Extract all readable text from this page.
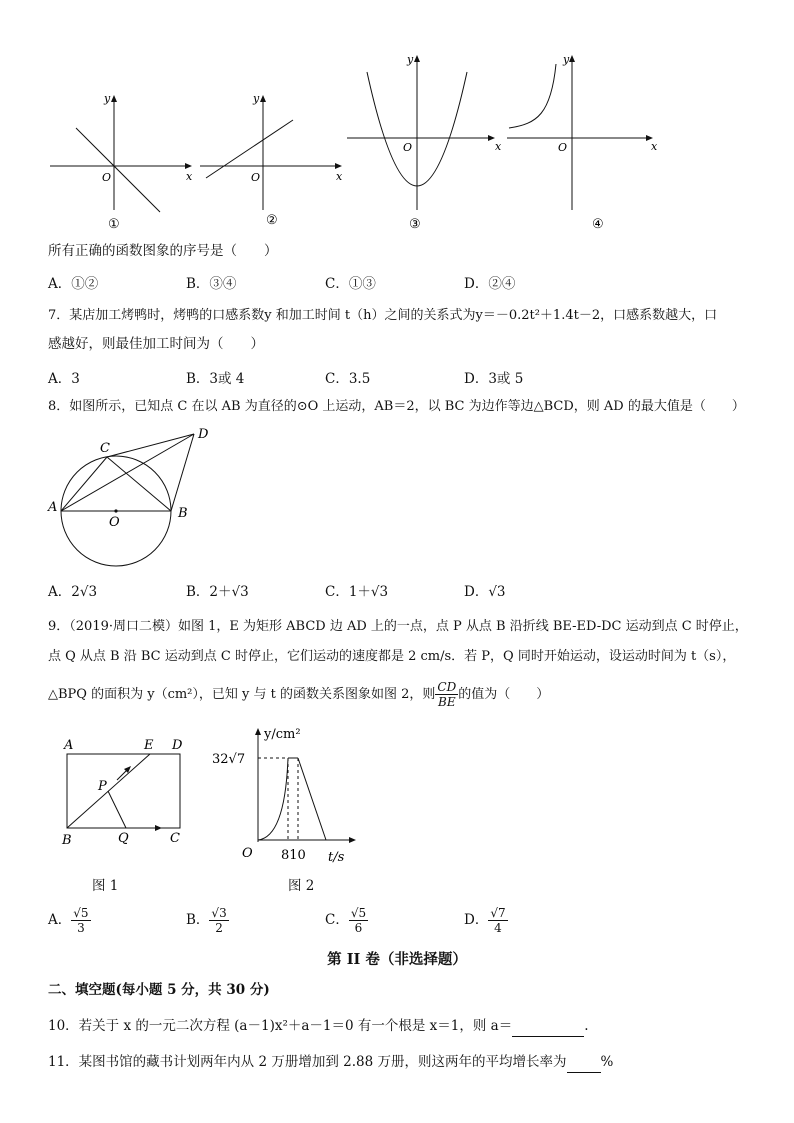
y
x
O
①
y
x
O
②
y
x
O
③
y
x
O
④
所有正确的函数图象的序号是（　　）
A．①②	B．③④	C．①③	D．②④
7．某店加工烤鸭时，烤鸭的口感系数y 和加工时间 t（h）之间的关系式为y＝－0.2t²＋1.4t－2，口感系数越大，口
感越好，则最佳加工时间为（　　）
A．3	B．3或 4	C．3.5	D．3或 5
8．如图所示，已知点 C 在以 AB 为直径的⊙O 上运动，AB＝2，以 BC 为边作等边△BCD，则 AD 的最大值是（　　）
A	B
C
D
O
A．2√3	B．2＋√3	C．1＋√3	D．√3
9．（2019·周口二模）如图 1，E 为矩形 ABCD 边 AD 上的一点，点 P 从点 B 沿折线 BE-ED-DC 运动到点 C 时停止，
点 Q 从点 B 沿 BC 运动到点 C 时停止，它们运动的速度都是 2 cm/s．若 P，Q 同时开始运动，设运动时间为 t（s），
△BPQ 的面积为 y（cm²），已知 y 与 t 的函数关系图象如图 2，则 $\frac{CD}{BE}$ 的值为（　　）
A	E D
P
B	Q	C
图 1
y/cm²
32√7
O 810 t/s
图 2
A． $\frac{√5}{3}$	B． $\frac{√3}{2}$	C． $\frac{√5}{6}$	D． $\frac{√7}{4}$
第 II 卷（非选择题）
二、填空题(每小题 5 分，共 30 分)
10．若关于 x 的一元二次方程 (a－1)x²＋a－1＝0 有一个根是 x＝1，则 a＝	.
11．某图书馆的藏书计划两年内从 2 万册增加到 2.88 万册，则这两年的平均增长率为	%
